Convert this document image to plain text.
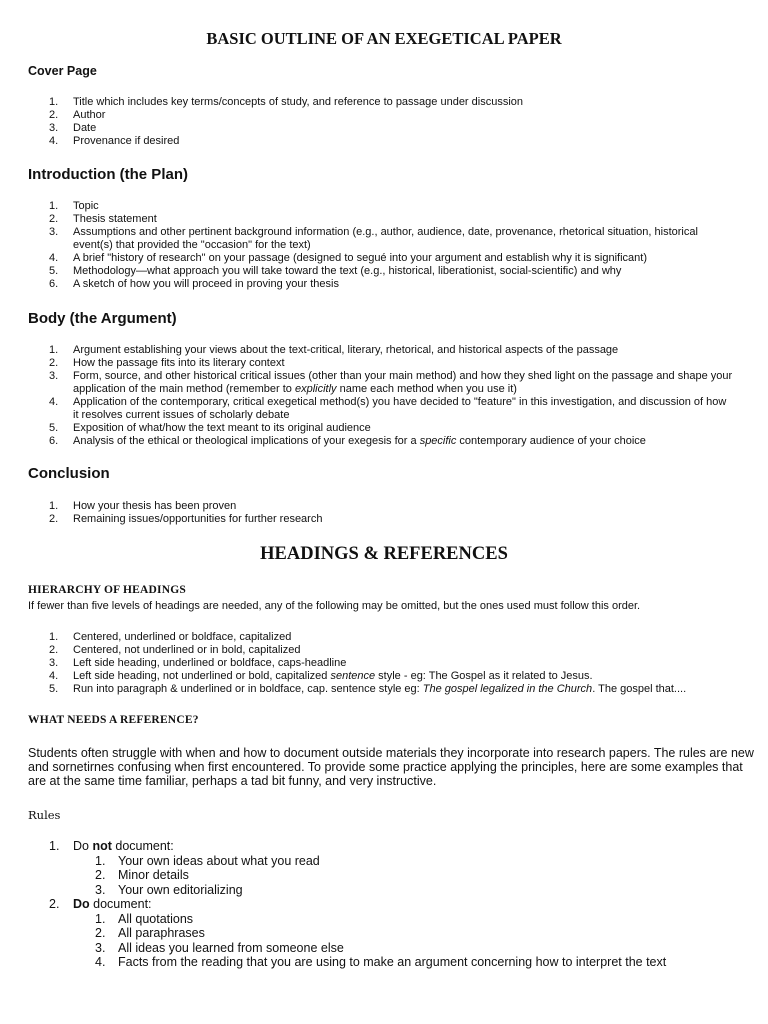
BASIC OUTLINE OF AN EXEGETICAL PAPER
Cover Page
1. Title which includes key terms/concepts of study, and reference to passage under discussion
2. Author
3. Date
4. Provenance if desired
Introduction (the Plan)
1. Topic
2. Thesis statement
3. Assumptions and other pertinent background information (e.g., author, audience, date, provenance, rhetorical situation, historical
event(s) that provided the "occasion" for the text)
4. A brief "history of research" on your passage (designed to segué into your argument and establish why it is significant)
5. Methodology—what approach you will take toward the text (e.g., historical, liberationist, social-scientific) and why
6. A sketch of how you will proceed in proving your thesis
Body (the Argument)
1. Argument establishing your views about the text-critical, literary, rhetorical, and historical aspects of the passage
2. How the passage fits into its literary context
3. Form, source, and other historical critical issues (other than your main method) and how they shed light on the passage and shape your
application of the main method (remember to explicitly name each method when you use it)
4. Application of the contemporary, critical exegetical method(s) you have decided to "feature" in this investigation, and discussion of how
it resolves current issues of scholarly debate
5. Exposition of what/how the text meant to its original audience
6. Analysis of the ethical or theological implications of your exegesis for a specific contemporary audience of your choice
Conclusion
1. How your thesis has been proven
2. Remaining issues/opportunities for further research
HEADINGS & REFERENCES
HIERARCHY OF HEADINGS
If fewer than five levels of headings are needed, any of the following may be omitted, but the ones used must follow this order.
1. Centered, underlined or boldface, capitalized
2. Centered, not underlined or in bold, capitalized
3. Left side heading, underlined or boldface, caps-headline
4. Left side heading, not underlined or bold, capitalized sentence style - eg: The Gospel as it related to Jesus.
5. Run into paragraph & underlined or in boldface, cap. sentence style eg: The gospel legalized in the Church. The gospel that....
WHAT NEEDS A REFERENCE?
Students often struggle with when and how to document outside materials they incorporate into research papers. The rules are new and sornetirnes confusing when first encountered. To provide some practice applying the principles, here are some examples that are at the same time familiar, perhaps a tad bit funny, and very instructive.
Rules
1. Do not document:
1. Your own ideas about what you read
2. Minor details
3. Your own editorializing
2. Do document:
1. All quotations
2. All paraphrases
3. All ideas you learned from someone else
4. Facts from the reading that you are using to make an argument concerning how to interpret the text
